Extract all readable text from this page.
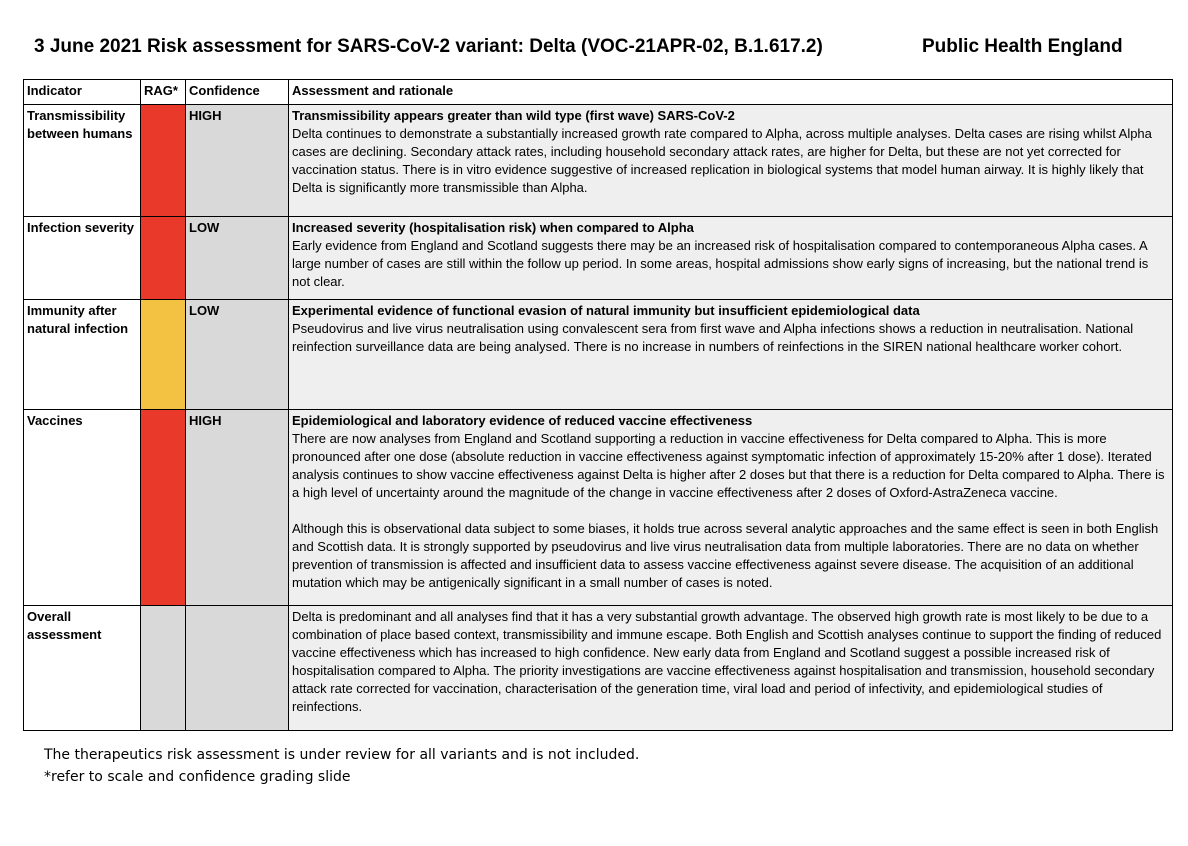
3 June 2021 Risk assessment for SARS-CoV-2 variant: Delta (VOC-21APR-02, B.1.617.2)	Public Health England
Indicator	RAG*	Confidence	Assessment and rationale
Transmissibility between humans		HIGH	Transmissibility appears greater than wild type (first wave) SARS-CoV-2

Delta continues to demonstrate a substantially increased growth rate compared to Alpha, across multiple analyses. Delta cases are rising whilst Alpha cases are declining. Secondary attack rates, including household secondary attack rates, are higher for Delta, but these are not yet corrected for vaccination status. There is in vitro evidence suggestive of increased replication in biological systems that model human airway. It is highly likely that Delta is significantly more transmissible than Alpha.

Infection severity		LOW	Increased severity (hospitalisation risk) when compared to Alpha

Early evidence from England and Scotland suggests there may be an increased risk of hospitalisation compared to contemporaneous Alpha cases. A large number of cases are still within the follow up period. In some areas, hospital admissions show early signs of increasing, but the national trend is not clear.

Immunity after natural infection		LOW	Experimental evidence of functional evasion of natural immunity but insufficient epidemiological data

Pseudovirus and live virus neutralisation using convalescent sera from first wave and Alpha infections shows a reduction in neutralisation. National reinfection surveillance data are being analysed. There is no increase in numbers of reinfections in the SIREN national healthcare worker cohort.

Vaccines		HIGH	Epidemiological and laboratory evidence of reduced vaccine effectiveness

There are now analyses from England and Scotland supporting a reduction in vaccine effectiveness for Delta compared to Alpha. This is more pronounced after one dose (absolute reduction in vaccine effectiveness against symptomatic infection of approximately 15-20% after 1 dose). Iterated analysis continues to show vaccine effectiveness against Delta is higher after 2 doses but that there is a reduction for Delta compared to Alpha. There is a high level of uncertainty around the magnitude of the change in vaccine effectiveness after 2 doses of Oxford-AstraZeneca vaccine.

Although this is observational data subject to some biases, it holds true across several analytic approaches and the same effect is seen in both English and Scottish data. It is strongly supported by pseudovirus and live virus neutralisation data from multiple laboratories. There are no data on whether prevention of transmission is affected and insufficient data to assess vaccine effectiveness against severe disease. The acquisition of an additional mutation which may be antigenically significant in a small number of cases is noted.

Overall assessment			Delta is predominant and all analyses find that it has a very substantial growth advantage. The observed high growth rate is most likely to be due to a combination of place based context, transmissibility and immune escape. Both English and Scottish analyses continue to support the finding of reduced vaccine effectiveness which has increased to high confidence. New early data from England and Scotland suggest a possible increased risk of hospitalisation compared to Alpha. The priority investigations are vaccine effectiveness against hospitalisation and transmission, household secondary attack rate corrected for vaccination, characterisation of the generation time, viral load and period of infectivity, and epidemiological studies of reinfections.

The therapeutics risk assessment is under review for all variants and is not included.
*refer to scale and confidence grading slide
